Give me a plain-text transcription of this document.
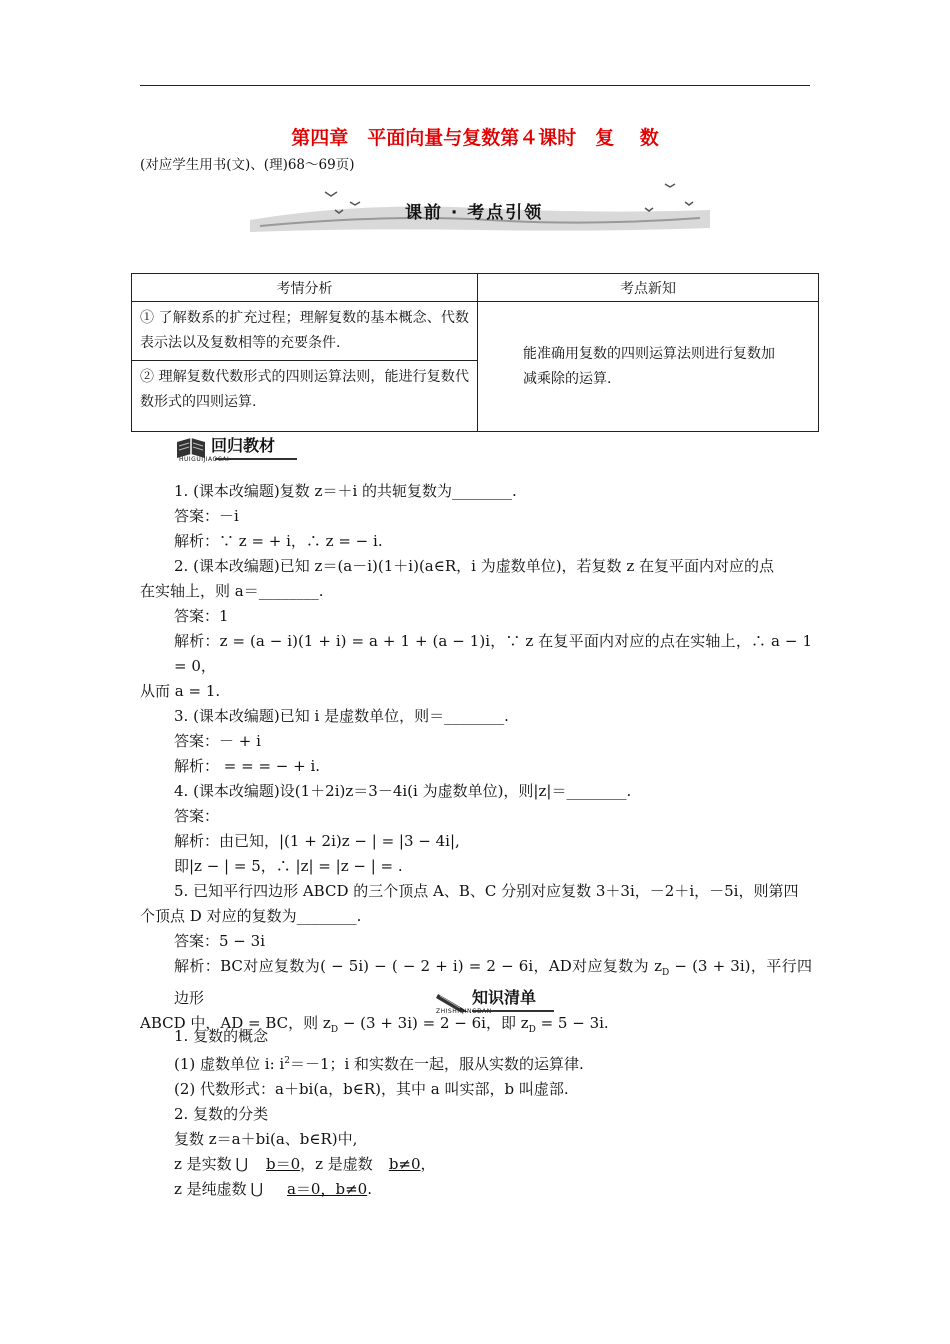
第四章　平面向量与复数第４课时　复　 数
(对应学生用书(文)、(理)68～69页)
课前 · 考点引领
考情分析	考点新知
① 了解数系的扩充过程；理解复数的基本概念、代数表示法以及复数相等的充要条件.	能准确用复数的四则运算法则进行复数加减乘除的运算.
② 理解复数代数形式的四则运算法则，能进行复数代数形式的四则运算.	
回归教材
HUIGUIJIAOCAI
1. (课本改编题)复数 z＝＋i 的共轭复数为________.
答案：－i
解析：∵ z = + i，∴ z = − i.
2. (课本改编题)已知 z＝(a－i)(1＋i)(a∈R，i 为虚数单位)，若复数 z 在复平面内对应的点
在实轴上，则 a＝________.
答案：1
解析：z = (a − i)(1 + i) = a + 1 + (a − 1)i，∵ z 在复平面内对应的点在实轴上，∴ a − 1 = 0，
从而 a = 1.
3. (课本改编题)已知 i 是虚数单位，则＝________.
答案：－ + i
解析： = = = − + i.
4. (课本改编题)设(1＋2i)z＝3－4i(i 为虚数单位)，则|z|＝________.
答案：
解析：由已知，|(1 + 2i)z − | = |3 − 4i|,
即|z − | = 5，∴ |z| = |z − | = .
5. 已知平行四边形 ABCD 的三个顶点 A、B、C 分别对应复数 3＋3i，－2＋i，－5i，则第四
个顶点 D 对应的复数为________.
答案：5 − 3i
解析：BC对应复数为( − 5i) − ( − 2 + i) = 2 − 6i，AD对应复数为 $z_D - (3 + 3i)$，平行四边形
ABCD 中，AD = BC，则 $z_D - (3 + 3i) = 2 - 6i$，即 $z_D = 5 - 3i$.
知识清单
ZHISHIQINGDAN
1. 复数的概念
(1) 虚数单位 i: $i^2=-1$；i 和实数在一起，服从实数的运算律.
(2) 代数形式：a＋bi(a，b∈R)，其中 a 叫实部，b 叫虚部.
2. 复数的分类
复数 z＝a＋bi(a、b∈R)中,
z 是实数 ⋃ b＝0，z 是虚数 b≠0，
z 是纯虚数 ⋃ a＝0，b≠0.
